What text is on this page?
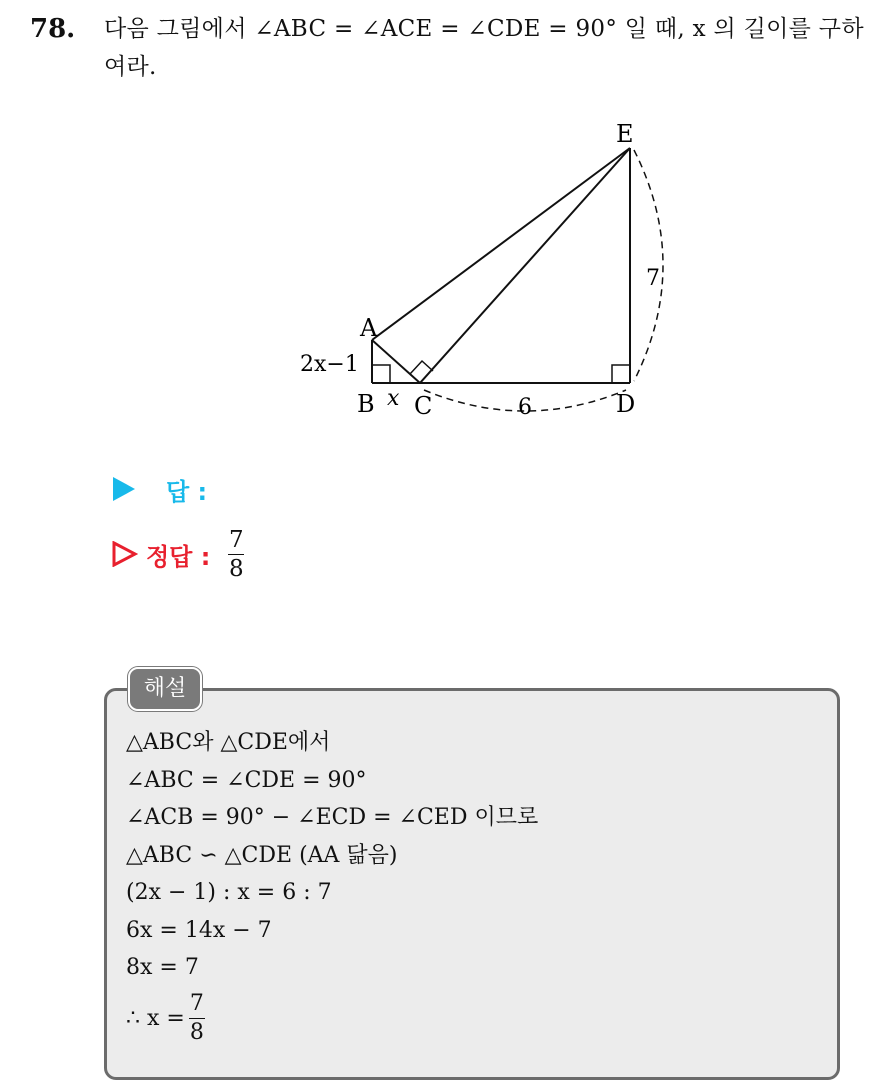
78. 다음 그림에서 ∠ABC = ∠ACE = ∠CDE = 90° 일 때, x 의 길이를 구하여라.
E
A
B C	D
2x−1
x	6
7
답 :
정답 : $\frac{7}{8}$
해설
△ABC와 △CDE에서
∠ABC = ∠CDE = 90°
∠ACB = 90° − ∠ECD = ∠CED 이므로
△ABC ∽ △CDE (AA 닮음)
(2x − 1) : x = 6 : 7
6x = 14x − 7
8x = 7
∴ $x = \frac{7}{8}$
